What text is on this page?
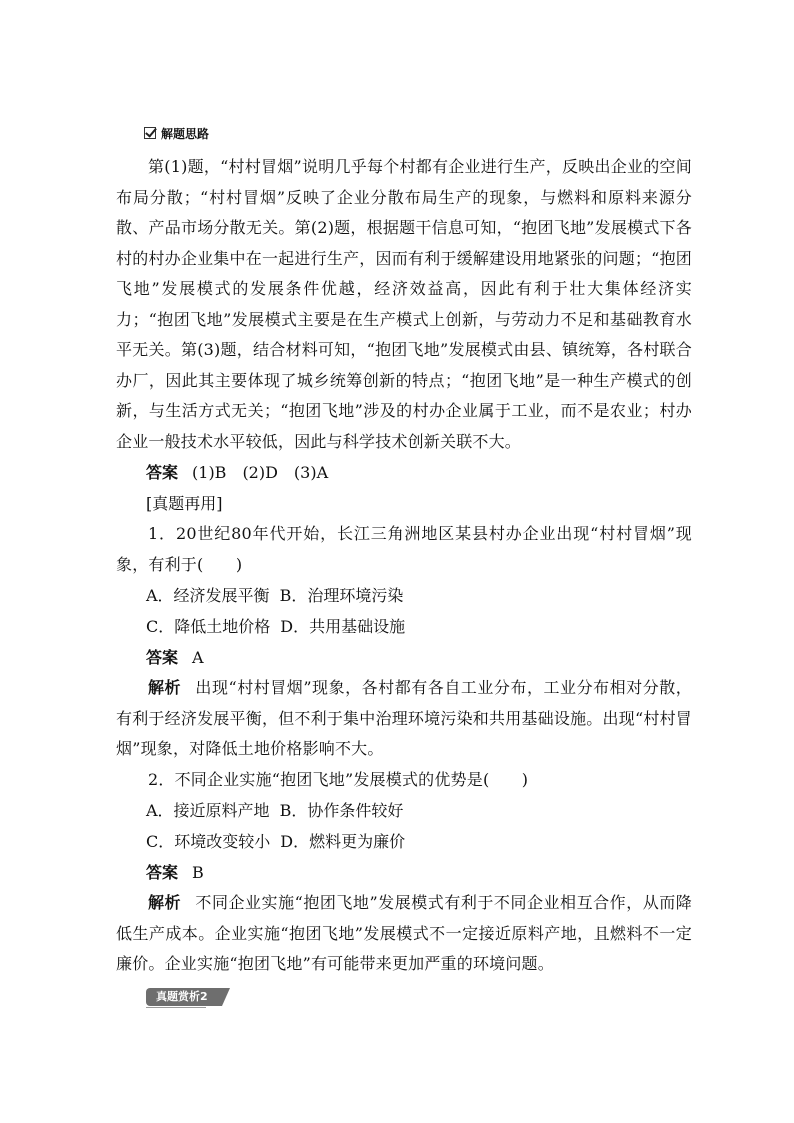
解题思路

第(1)题，“村村冒烟”说明几乎每个村都有企业进行生产，反映出企业的空间布局分散；“村村冒烟”反映了企业分散布局生产的现象，与燃料和原料来源分散、产品市场分散无关。第(2)题，根据题干信息可知，“抱团飞地”发展模式下各村的村办企业集中在一起进行生产，因而有利于缓解建设用地紧张的问题；“抱团飞地”发展模式的发展条件优越，经济效益高，因此有利于壮大集体经济实力；“抱团飞地”发展模式主要是在生产模式上创新，与劳动力不足和基础教育水平无关。第(3)题，结合材料可知，“抱团飞地”发展模式由县、镇统筹，各村联合办厂，因此其主要体现了城乡统筹创新的特点；“抱团飞地”是一种生产模式的创新，与生活方式无关；“抱团飞地”涉及的村办企业属于工业，而不是农业；村办企业一般技术水平较低，因此与科学技术创新关联不大。

答案 (1)B　(2)D　(3)A
[真题再用]

1．20世纪80年代开始，长江三角洲地区某县村办企业出现“村村冒烟”现象，有利于(　　)

A．经济发展平衡 B．治理环境污染
C．降低土地价格 D．共用基础设施
答案 A

解析 出现“村村冒烟”现象，各村都有各自工业分布，工业分布相对分散，有利于经济发展平衡，但不利于集中治理环境污染和共用基础设施。出现“村村冒烟”现象，对降低土地价格影响不大。

2．不同企业实施“抱团飞地”发展模式的优势是(　　)

A．接近原料产地 B．协作条件较好
C．环境改变较小 D．燃料更为廉价
答案 B

解析 不同企业实施“抱团飞地”发展模式有利于不同企业相互合作，从而降低生产成本。企业实施“抱团飞地”发展模式不一定接近原料产地，且燃料不一定廉价。企业实施“抱团飞地”有可能带来更加严重的环境问题。

真题赏析2
